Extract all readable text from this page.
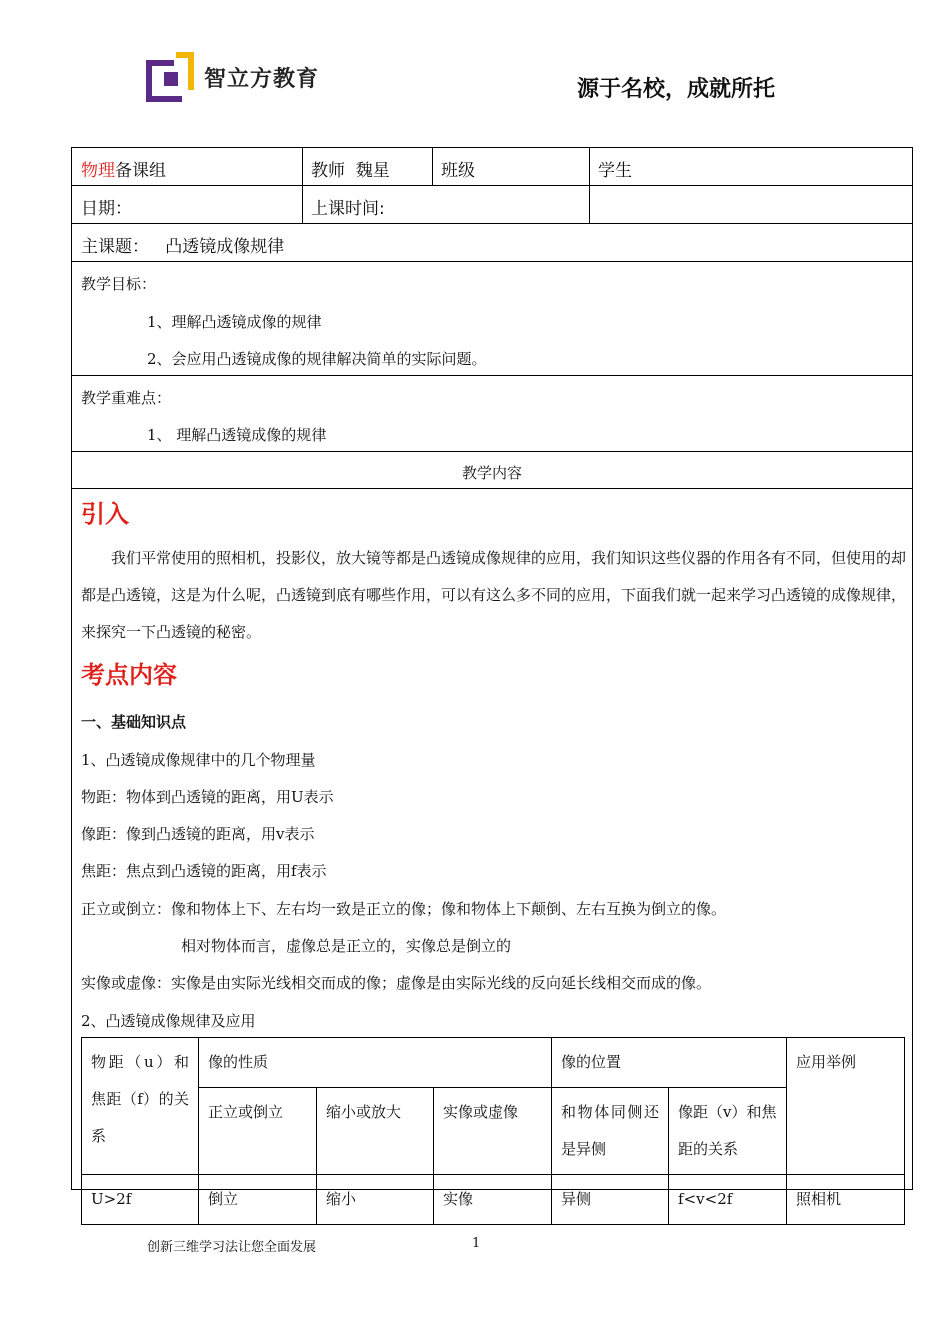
智立方教育	源于名校，成就所托
物理备课组	教师  魏星	班级	学生
日期：	上课时间:
主课题：   凸透镜成像规律
教学目标：
1、理解凸透镜成像的规律
2、会应用凸透镜成像的规律解决简单的实际问题。
教学重难点：
1、 理解凸透镜成像的规律
教学内容
引入
我们平常使用的照相机，投影仪，放大镜等都是凸透镜成像规律的应用，我们知识这些仪器的作用各有不同，但使用的却都是凸透镜，这是为什么呢，凸透镜到底有哪些作用，可以有这么多不同的应用，下面我们就一起来学习凸透镜的成像规律，来探究一下凸透镜的秘密。
考点内容
一、基础知识点
1、凸透镜成像规律中的几个物理量
物距：物体到凸透镜的距离，用U表示
像距：像到凸透镜的距离，用v表示
焦距：焦点到凸透镜的距离，用f表示
正立或倒立：像和物体上下、左右均一致是正立的像；像和物体上下颠倒、左右互换为倒立的像。
相对物体而言，虚像总是正立的，实像总是倒立的
实像或虚像：实像是由实际光线相交而成的像；虚像是由实际光线的反向延长线相交而成的像。
2、凸透镜成像规律及应用
物距（u）和焦距（f）的关系	像的性质			像的位置		应用举例
	正立或倒立	缩小或放大	实像或虚像	和物体同侧还是异侧	像距（v）和焦距的关系	
U>2f	倒立	缩小	实像	异侧	f<v<2f	照相机
创新三维学习法让您全面发展	1
